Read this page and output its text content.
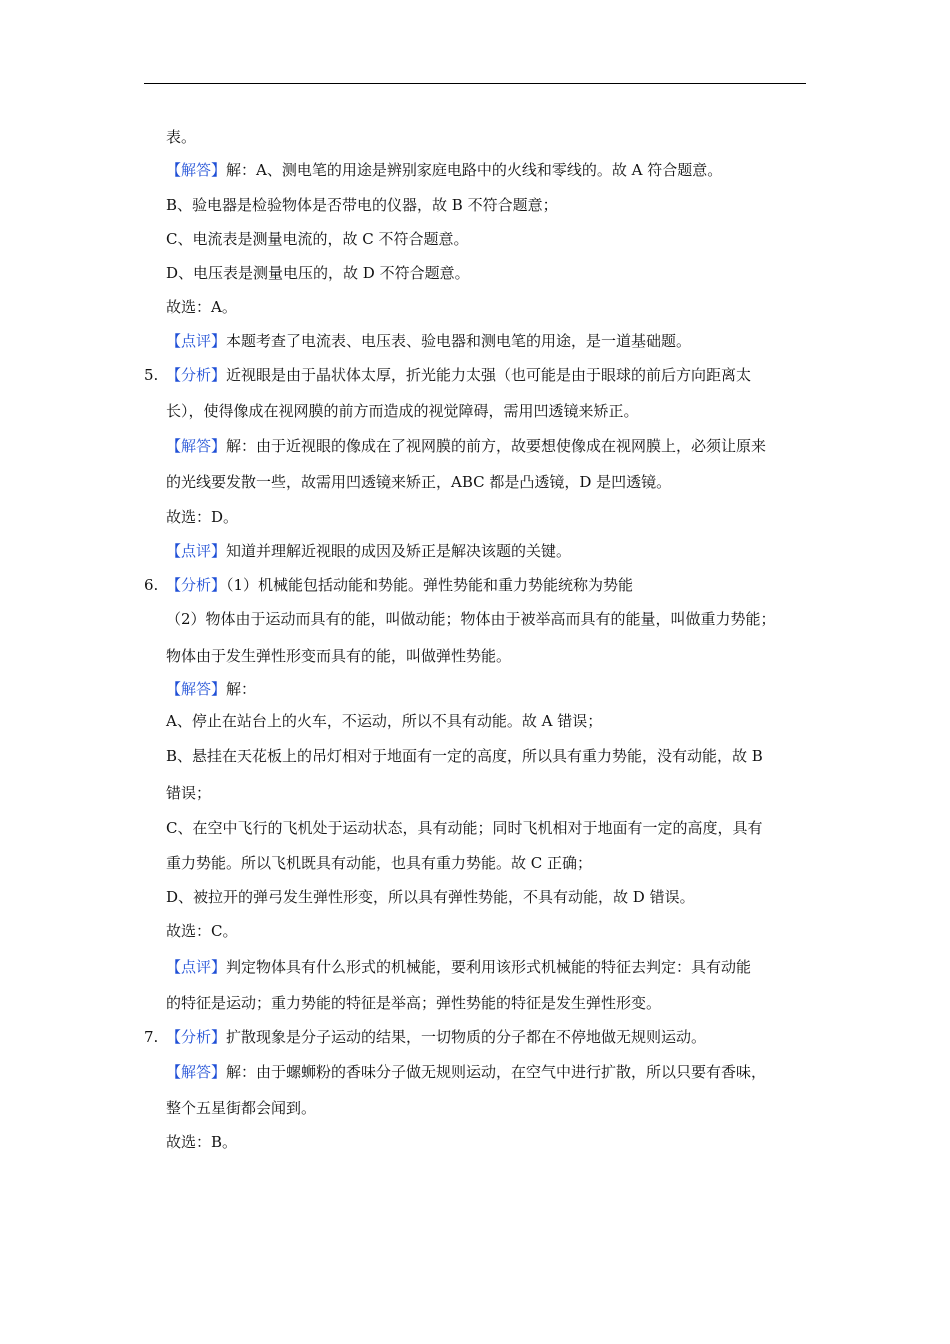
表。
【解答】解：A、测电笔的用途是辨别家庭电路中的火线和零线的。故 A 符合题意。
B、验电器是检验物体是否带电的仪器，故 B 不符合题意；
C、电流表是测量电流的，故 C 不符合题意。
D、电压表是测量电压的，故 D 不符合题意。
故选：A。
【点评】本题考查了电流表、电压表、验电器和测电笔的用途，是一道基础题。
5. 【分析】近视眼是由于晶状体太厚，折光能力太强（也可能是由于眼球的前后方向距离太
长），使得像成在视网膜的前方而造成的视觉障碍，需用凹透镜来矫正。
【解答】解：由于近视眼的像成在了视网膜的前方，故要想使像成在视网膜上，必须让原来
的光线要发散一些，故需用凹透镜来矫正，ABC 都是凸透镜，D 是凹透镜。
故选：D。
【点评】知道并理解近视眼的成因及矫正是解决该题的关键。
6. 【分析】（1）机械能包括动能和势能。弹性势能和重力势能统称为势能
（2）物体由于运动而具有的能，叫做动能；物体由于被举高而具有的能量，叫做重力势能；
物体由于发生弹性形变而具有的能，叫做弹性势能。
【解答】解：
A、停止在站台上的火车，不运动，所以不具有动能。故 A 错误；
B、悬挂在天花板上的吊灯相对于地面有一定的高度，所以具有重力势能，没有动能，故 B
错误；
C、在空中飞行的飞机处于运动状态，具有动能；同时飞机相对于地面有一定的高度，具有
重力势能。所以飞机既具有动能，也具有重力势能。故 C 正确；
D、被拉开的弹弓发生弹性形变，所以具有弹性势能，不具有动能，故 D 错误。
故选：C。
【点评】判定物体具有什么形式的机械能，要利用该形式机械能的特征去判定：具有动能
的特征是运动；重力势能的特征是举高；弹性势能的特征是发生弹性形变。
7. 【分析】扩散现象是分子运动的结果，一切物质的分子都在不停地做无规则运动。
【解答】解：由于螺蛳粉的香味分子做无规则运动，在空气中进行扩散，所以只要有香味，
整个五星街都会闻到。
故选：B。
